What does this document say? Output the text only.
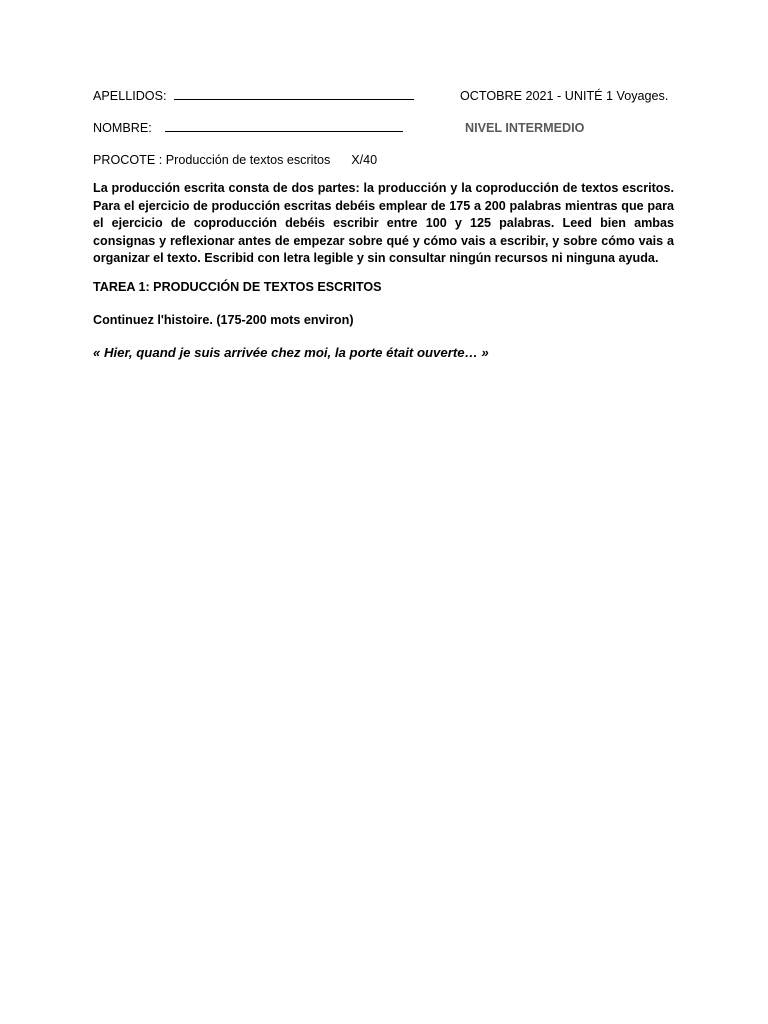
APELLIDOS:	OCTOBRE 2021 - UNITÉ 1 Voyages.
NOMBRE:	NIVEL INTERMEDIO
PROCOTE : Producción de textos escritos X/40
La producción escrita consta de dos partes: la producción y la coproducción de textos escritos. Para el ejercicio de producción escritas debéis emplear de 175 a 200 palabras mientras que para el ejercicio de coproducción debéis escribir entre 100 y 125 palabras. Leed bien ambas consignas y reflexionar antes de empezar sobre qué y cómo vais a escribir, y sobre cómo vais a organizar el texto. Escribid con letra legible y sin consultar ningún recursos ni ninguna ayuda.
TAREA 1: PRODUCCIÓN DE TEXTOS ESCRITOS
Continuez l'histoire. (175-200 mots environ)
« Hier, quand je suis arrivée chez moi, la porte était ouverte… »
